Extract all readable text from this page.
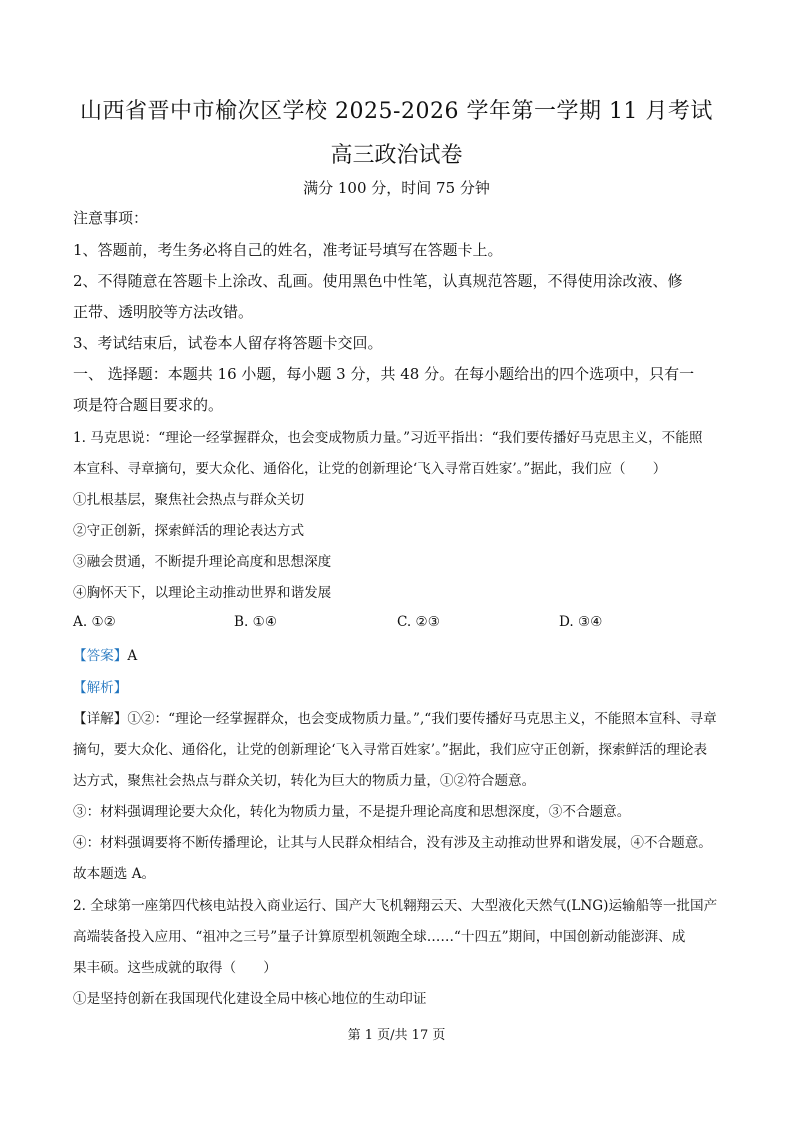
山西省晋中市榆次区学校 2025-2026 学年第一学期 11 月考试
高三政治试卷
满分 100 分，时间 75 分钟
注意事项：
1、答题前，考生务必将自己的姓名，准考证号填写在答题卡上。
2、不得随意在答题卡上涂改、乱画。使用黑色中性笔，认真规范答题，不得使用涂改液、修
正带、透明胶等方法改错。
3、考试结束后，试卷本人留存将答题卡交回。
一、 选择题：本题共 16 小题，每小题 3 分，共 48 分。在每小题给出的四个选项中，只有一
项是符合题目要求的。
1. 马克思说：“理论一经掌握群众，也会变成物质力量。”习近平指出：“我们要传播好马克思主义，不能照
本宣科、寻章摘句，要大众化、通俗化，让党的创新理论‘飞入寻常百姓家’。”据此，我们应（　　）
①扎根基层，聚焦社会热点与群众关切
②守正创新，探索鲜活的理论表达方式
③融会贯通，不断提升理论高度和思想深度
④胸怀天下，以理论主动推动世界和谐发展
A. ①②	B. ①④	C. ②③	D. ③④
【答案】A
【解析】
【详解】①②：“理论一经掌握群众，也会变成物质力量。”,“我们要传播好马克思主义，不能照本宣科、寻章
摘句，要大众化、通俗化，让党的创新理论‘飞入寻常百姓家’。”据此，我们应守正创新，探索鲜活的理论表
达方式，聚焦社会热点与群众关切，转化为巨大的物质力量，①②符合题意。
③：材料强调理论要大众化，转化为物质力量，不是提升理论高度和思想深度，③不合题意。
④：材料强调要将不断传播理论，让其与人民群众相结合，没有涉及主动推动世界和谐发展，④不合题意。
故本题选 A。
2. 全球第一座第四代核电站投入商业运行、国产大飞机翱翔云天、大型液化天然气(LNG)运输船等一批国产
高端装备投入应用、“祖冲之三号”量子计算原型机领跑全球……“十四五”期间，中国创新动能澎湃、成
果丰硕。这些成就的取得（　　）
①是坚持创新在我国现代化建设全局中核心地位的生动印证
第 1 页/共 17 页
